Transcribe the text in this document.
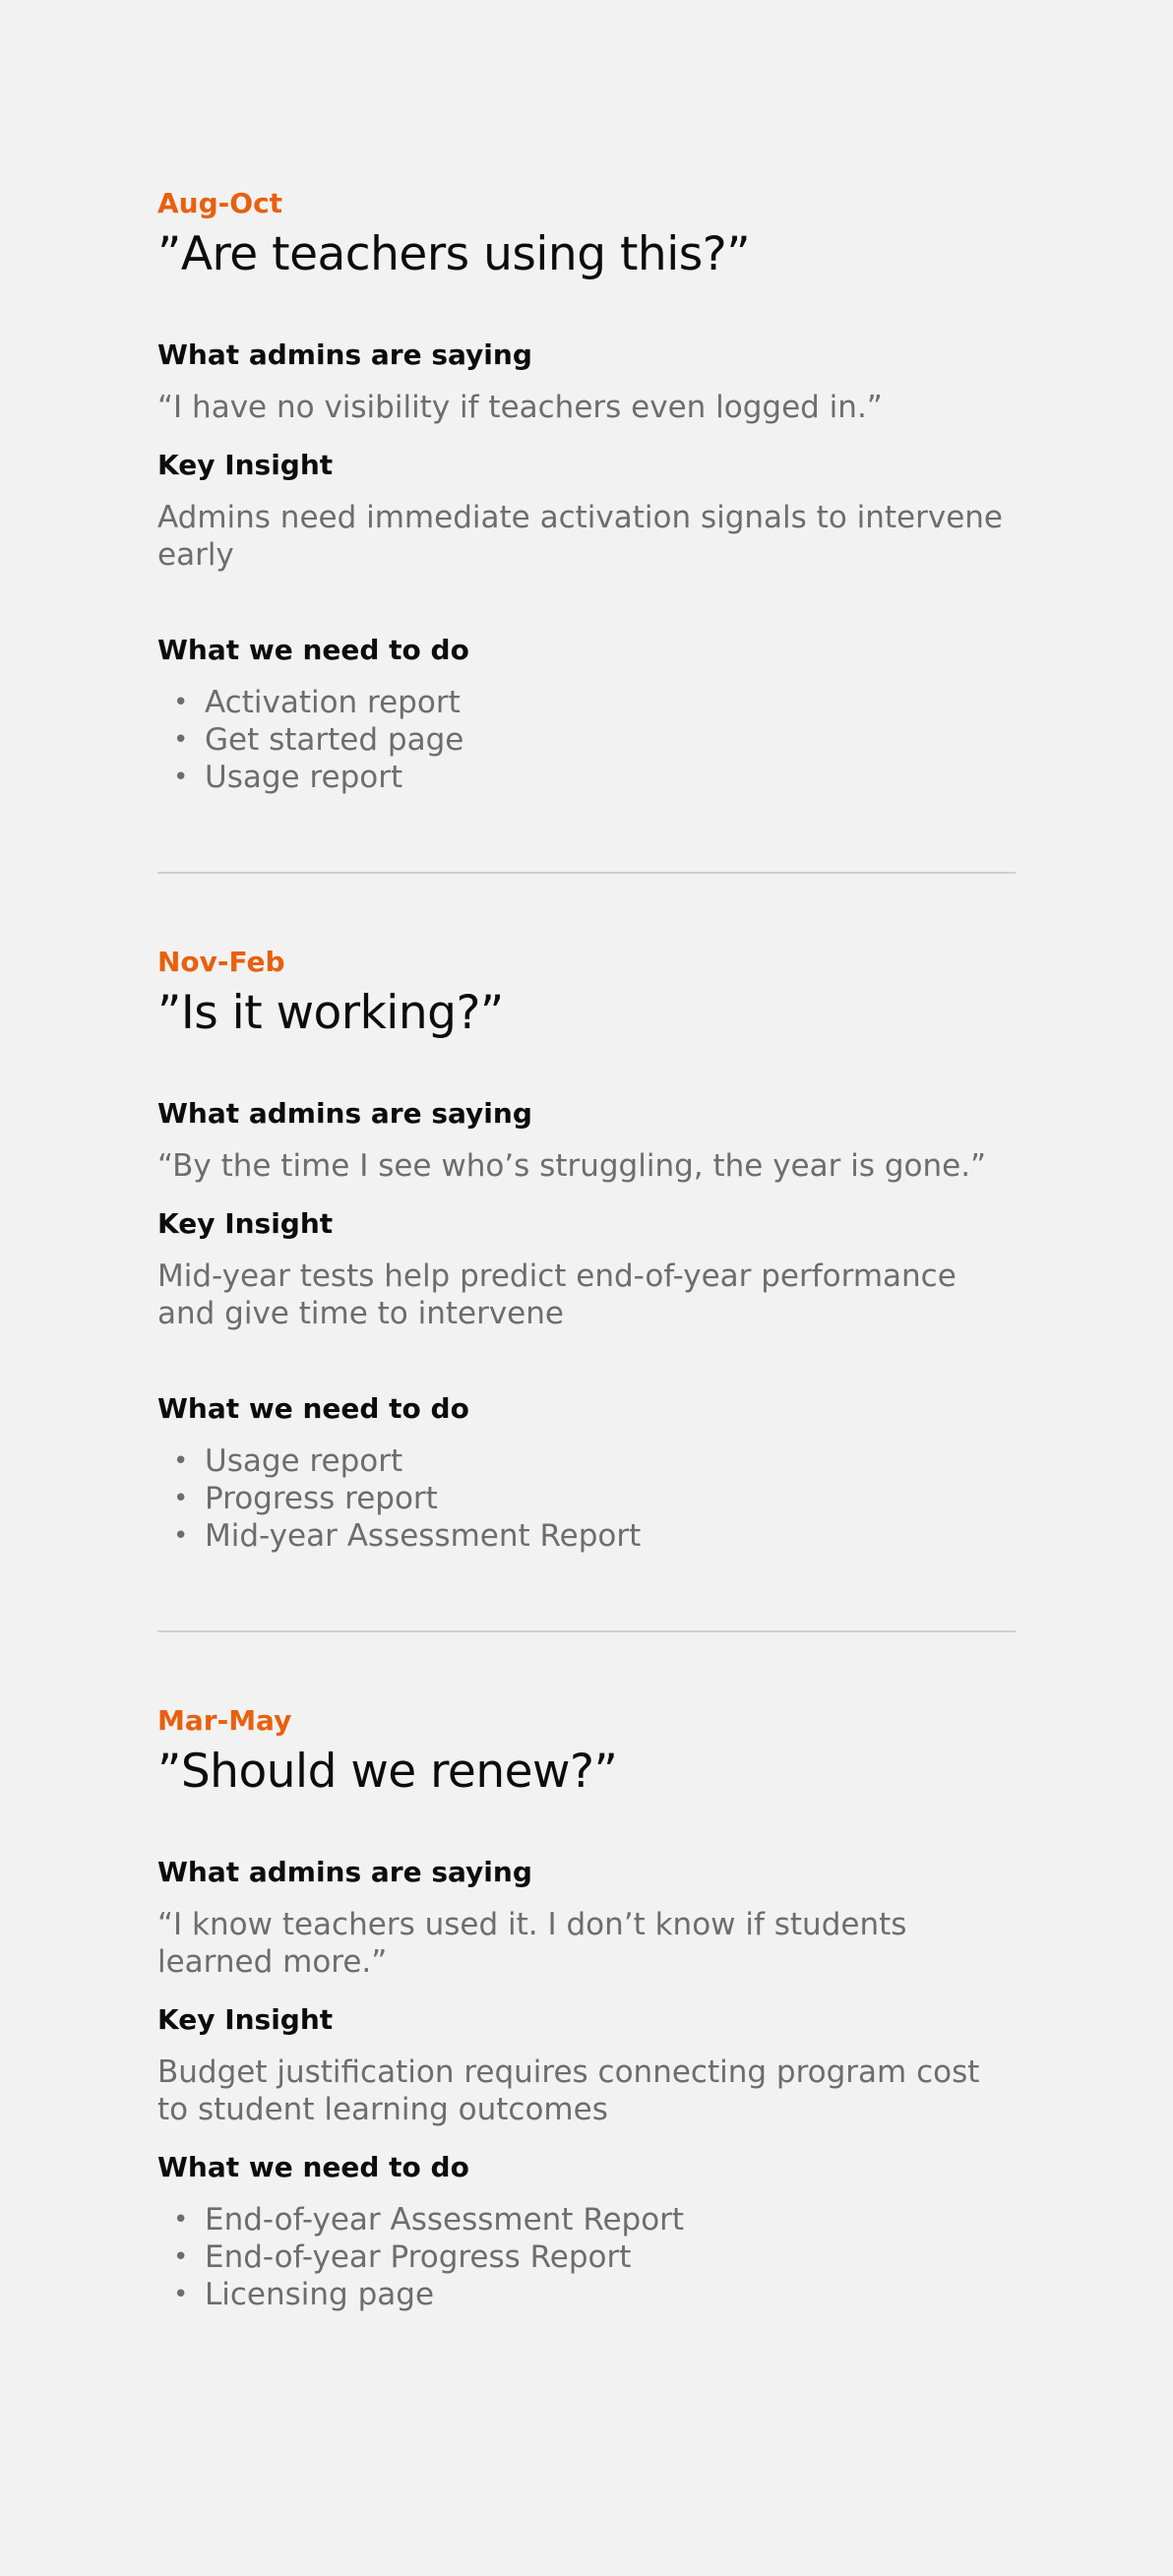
Aug-Oct

”Are teachers using this?”

What admins are saying

“I have no visibility if teachers even logged in.”

Key Insight

Admins need immediate activation signals to intervene early

What we need to do

• Activation report
• Get started page
• Usage report

Nov-Feb

”Is it working?”

What admins are saying

“By the time I see who’s struggling, the year is gone.”

Key Insight

Mid-year tests help predict end-of-year performance and give time to intervene

What we need to do

• Usage report
• Progress report
• Mid-year Assessment Report

Mar-May

”Should we renew?”

What admins are saying

“I know teachers used it. I don’t know if students learned more.”

Key Insight

Budget justification requires connecting program cost to student learning outcomes

What we need to do

• End-of-year Assessment Report
• End-of-year Progress Report
• Licensing page
